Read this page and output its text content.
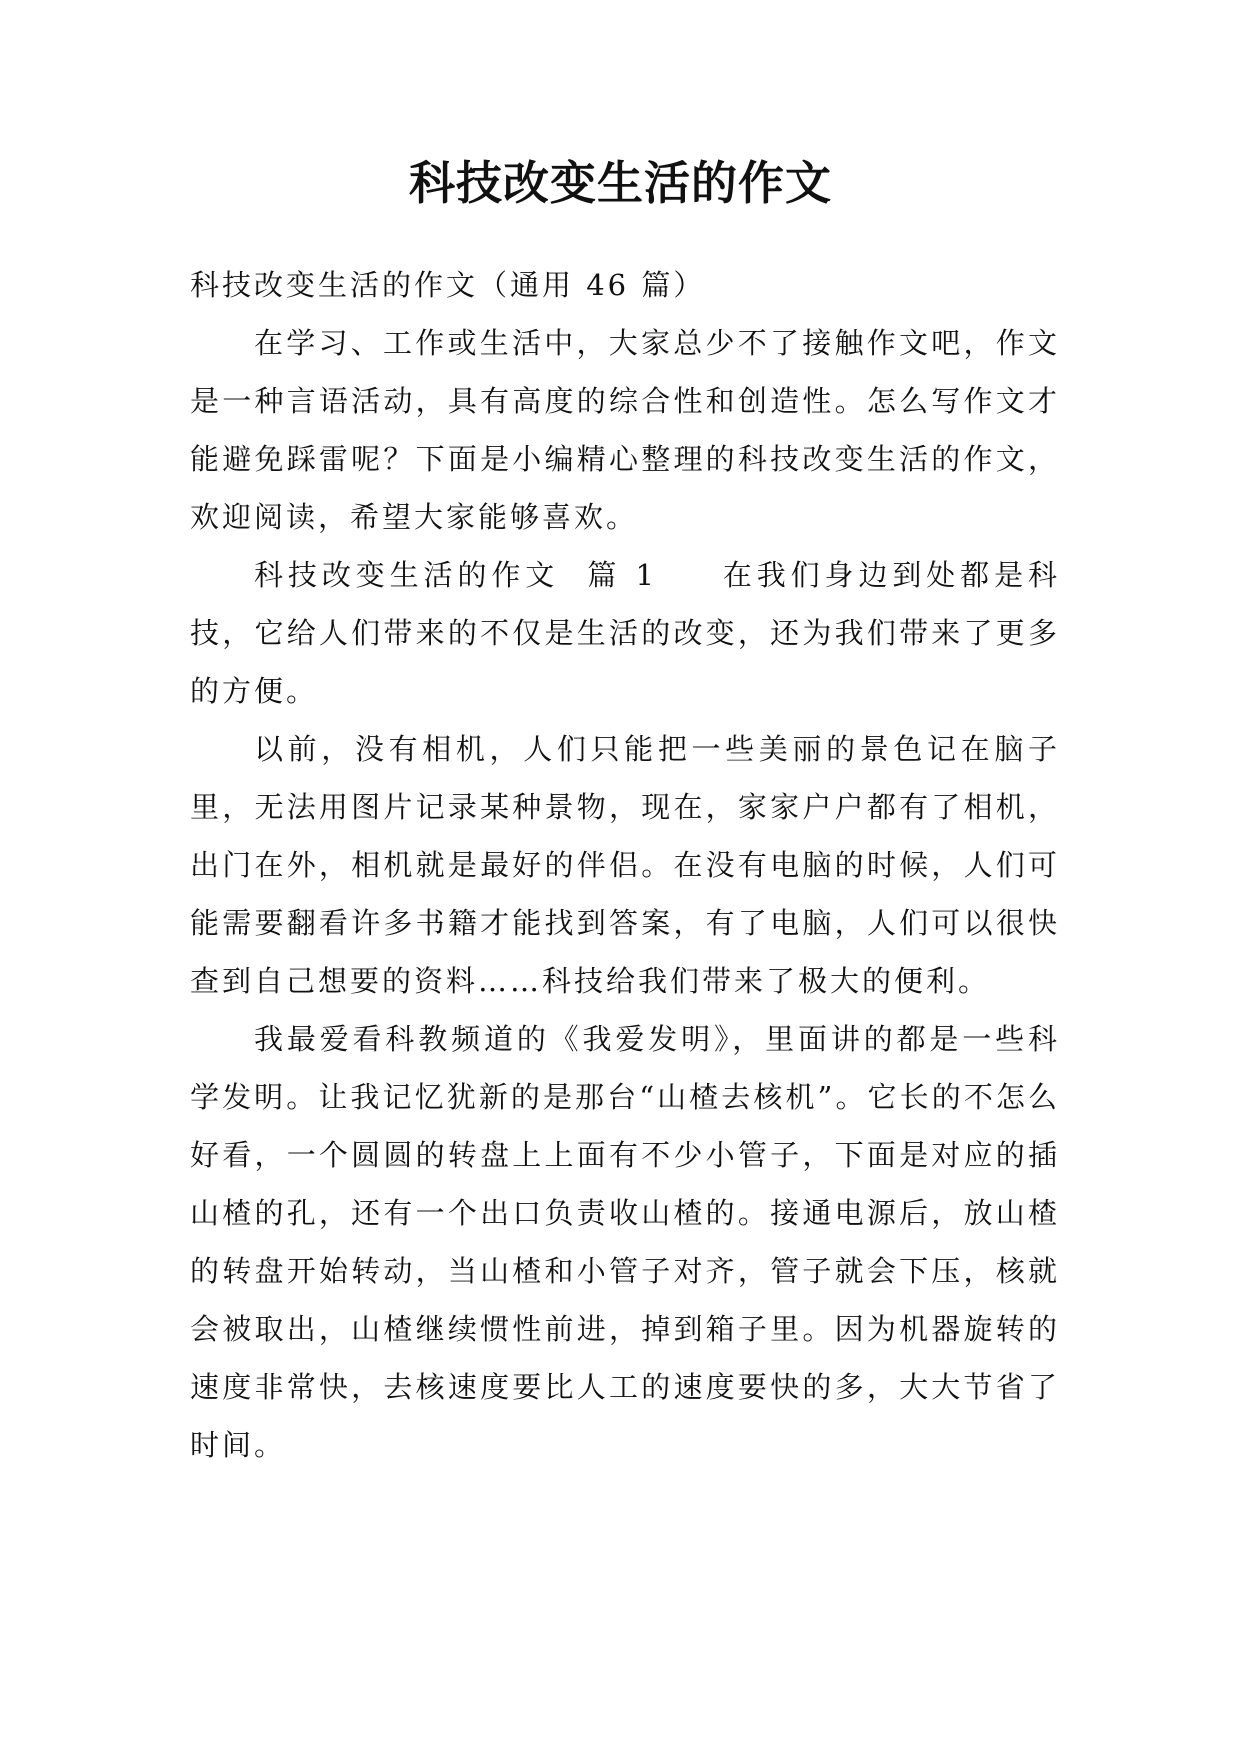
科技改变生活的作文

科技改变生活的作文（通用 46 篇）

在学习、工作或生活中，大家总少不了接触作文吧，作文是一种言语活动，具有高度的综合性和创造性。怎么写作文才能避免踩雷呢？下面是小编精心整理的科技改变生活的作文，欢迎阅读，希望大家能够喜欢。

科技改变生活的作文  篇 1 在我们身边到处都是科技，它给人们带来的不仅是生活的改变，还为我们带来了更多的方便。

以前，没有相机，人们只能把一些美丽的景色记在脑子里，无法用图片记录某种景物，现在，家家户户都有了相机，出门在外，相机就是最好的伴侣。在没有电脑的时候，人们可能需要翻看许多书籍才能找到答案，有了电脑，人们可以很快查到自己想要的资料……科技给我们带来了极大的便利。

我最爱看科教频道的《我爱发明》，里面讲的都是一些科学发明。让我记忆犹新的是那台“山楂去核机”。它长的不怎么好看，一个圆圆的转盘上上面有不少小管子，下面是对应的插山楂的孔，还有一个出口负责收山楂的。接通电源后，放山楂的转盘开始转动，当山楂和小管子对齐，管子就会下压，核就会被取出，山楂继续惯性前进，掉到箱子里。因为机器旋转的速度非常快，去核速度要比人工的速度要快的多，大大节省了时间。
